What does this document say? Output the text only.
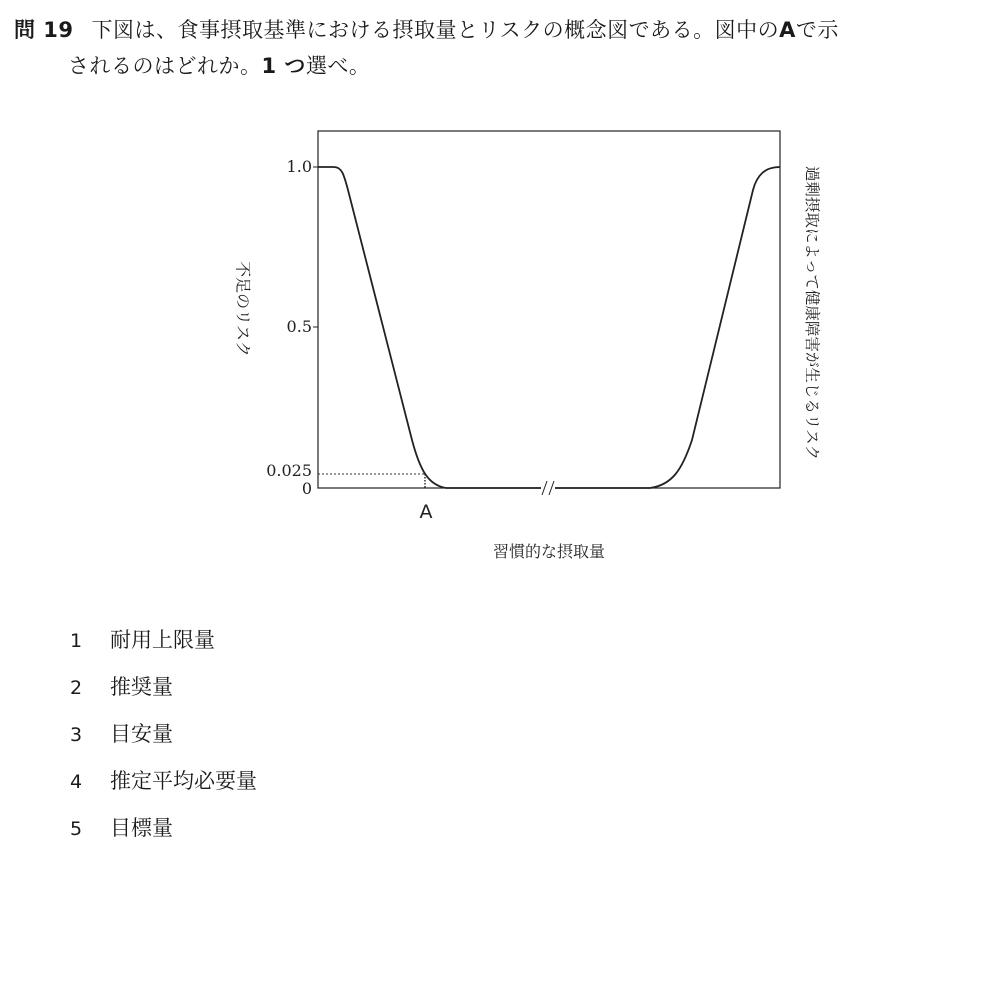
問 19 下図は、食事摂取基準における摂取量とリスクの概念図である。図中のAで示
されるのはどれか。1 つ選べ。
0
0.025
0.5
1.0
A
不足のリスク	過剰摂取によって健康障害が生じるリスク
習慣的な摂取量
1 耐用上限量
2 推奨量
3 目安量
4 推定平均必要量
5 目標量
